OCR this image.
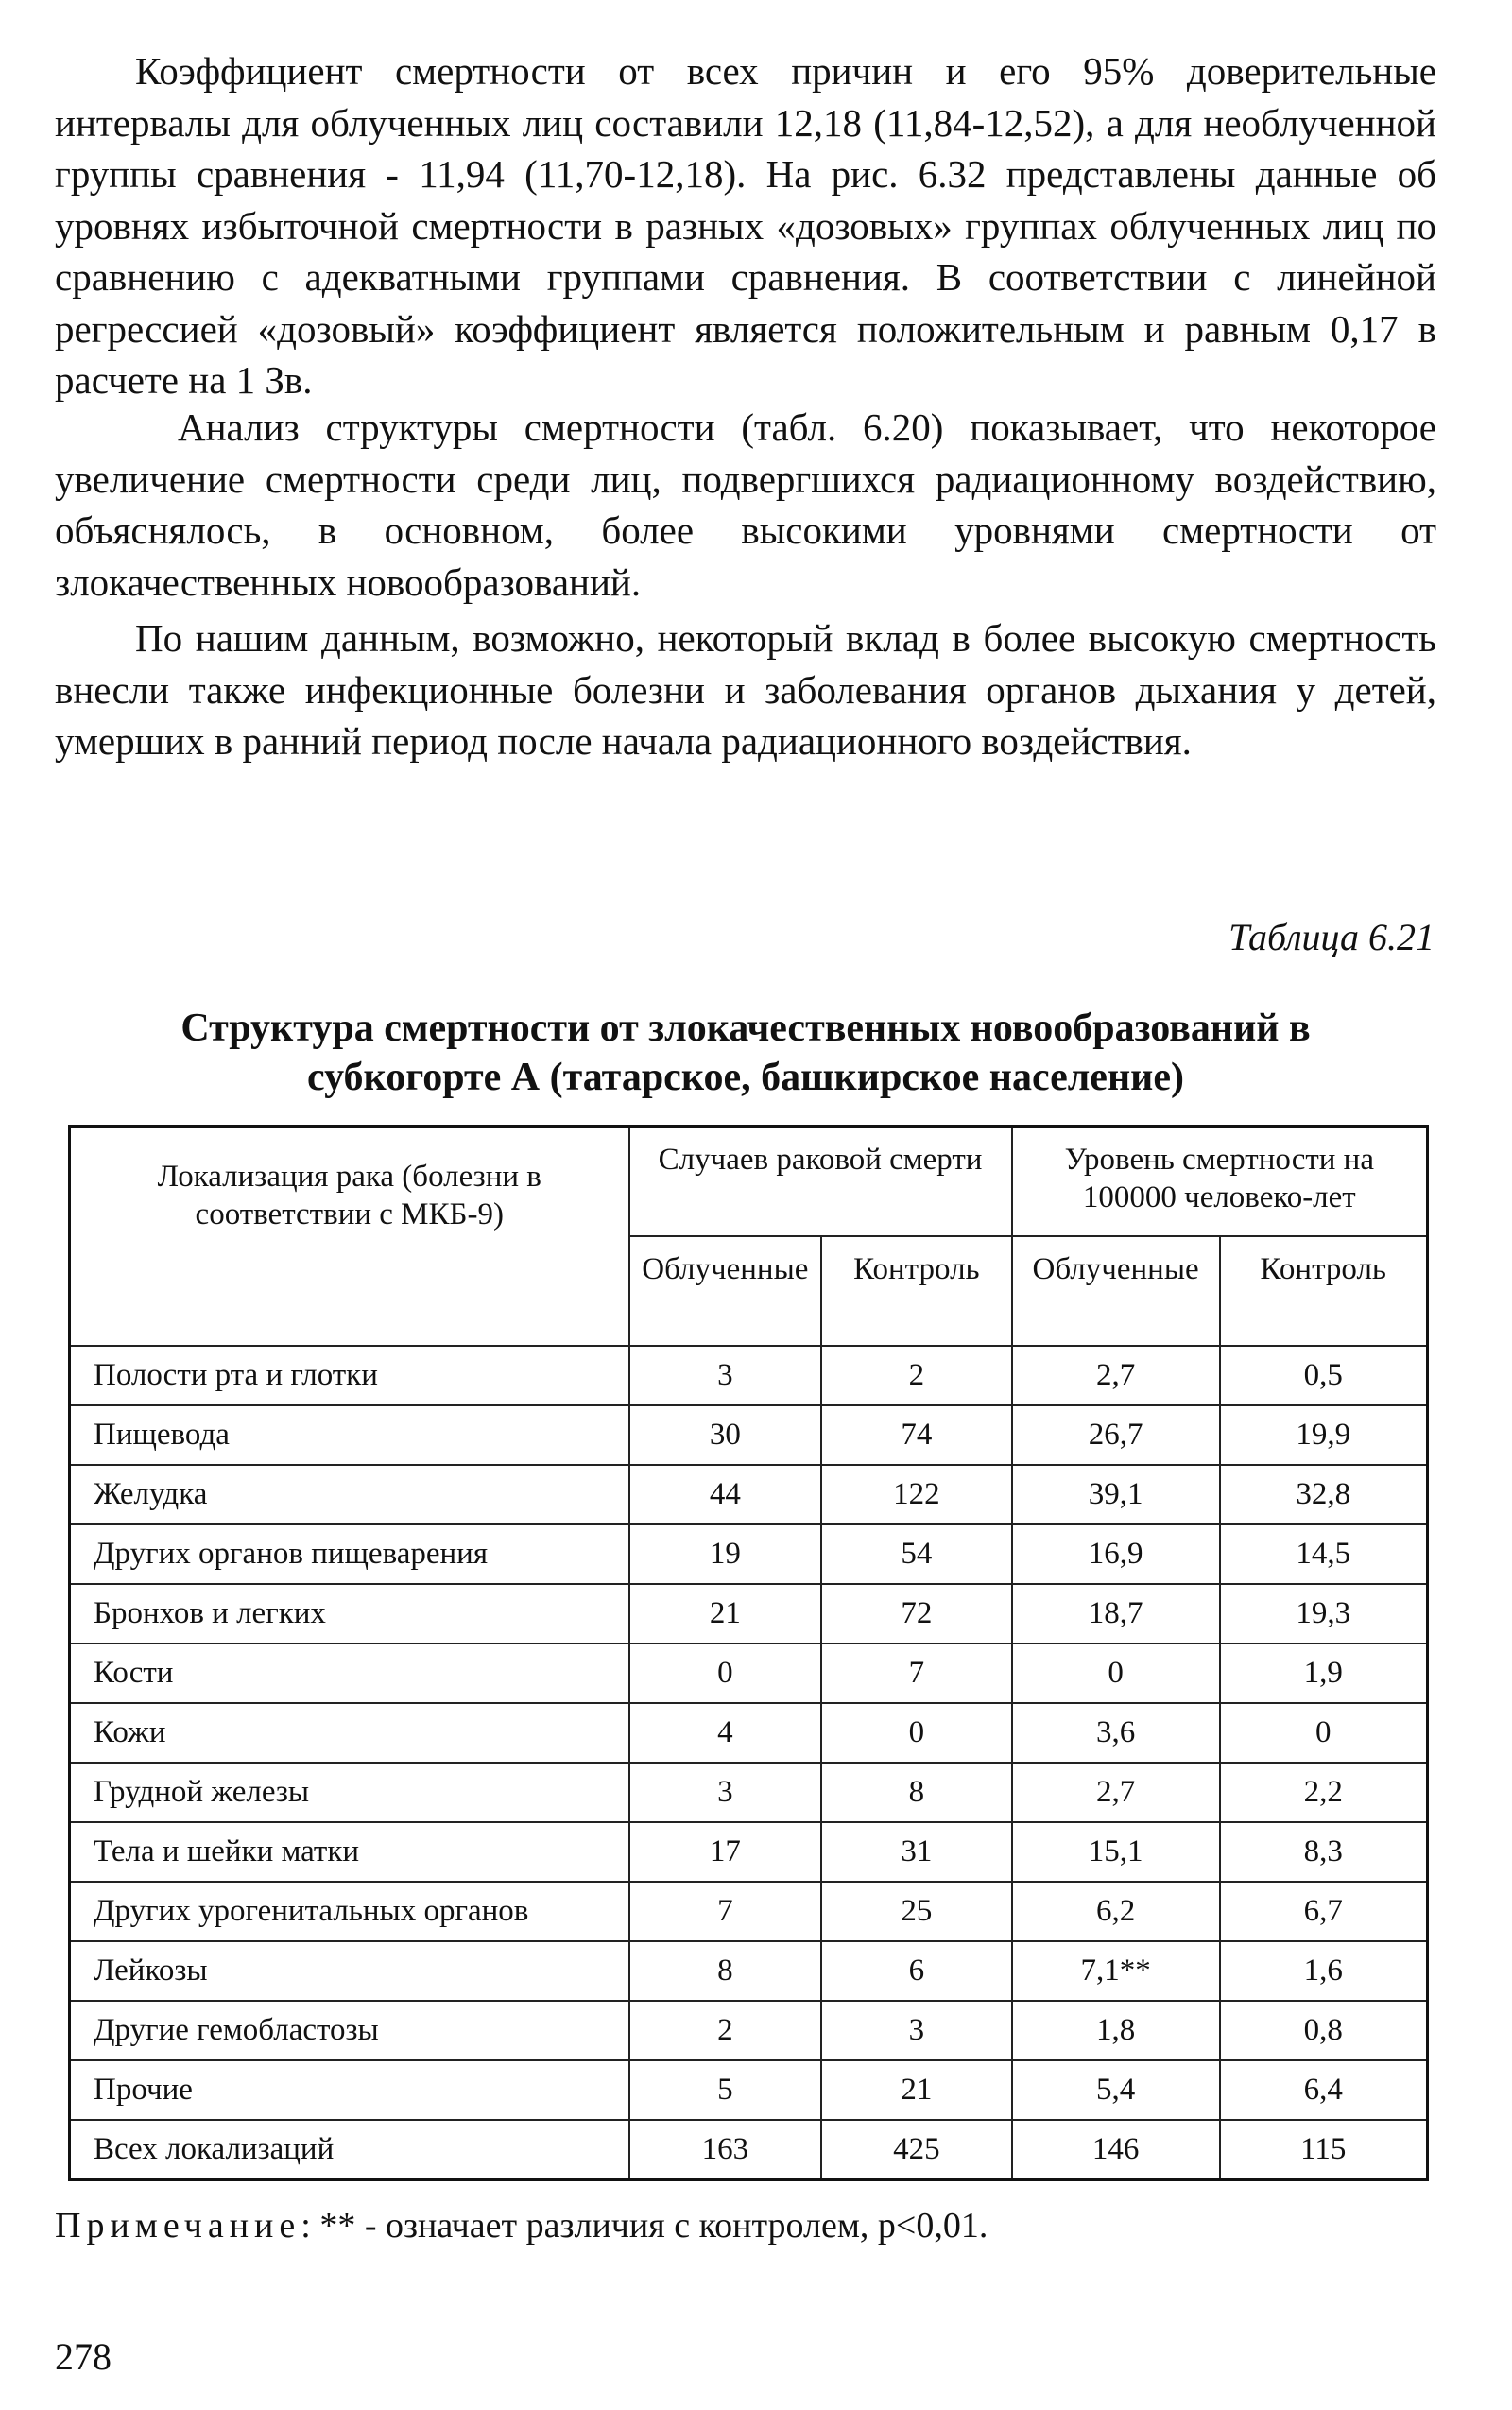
Коэффициент смертности от всех причин и его 95% доверительные интервалы для облученных лиц составили 12,18 (11,84-12,52), а для необлученной группы сравнения - 11,94 (11,70-12,18). На рис. 6.32 представлены данные об уровнях избыточной смертности в разных «дозовых» группах облученных лиц по сравнению с адекватными группами сравнения. В соответствии с линейной регрессией «дозовый» коэффициент является положительным и равным 0,17 в расчете на 1 Зв.

Анализ структуры смертности (табл. 6.20) показывает, что некоторое увеличение смертности среди лиц, подвергшихся радиационному воздействию, объяснялось, в основном, более высокими уровнями смертности от злокачественных новообразований.

По нашим данным, возможно, некоторый вклад в более высокую смертность внесли также инфекционные болезни и заболевания органов дыхания у детей, умерших в ранний период после начала радиационного воздействия.

Таблица 6.21

Структура смертности от злокачественных новообразований в
субкогорте А (татарское, башкирское население)
Локализация рака (болезни в соответствии с МКБ-9)	Случаев раковой смерти		Уровень смертности на 100000 человеко-лет	
	Облученные	Контроль	Облученные	Контроль
Полости рта и глотки	3	2	2,7	0,5
Пищевода	30	74	26,7	19,9
Желудка	44	122	39,1	32,8
Других органов пищеварения	19	54	16,9	14,5
Бронхов и легких	21	72	18,7	19,3
Кости	0	7	0	1,9
Кожи	4	0	3,6	0
Грудной железы	3	8	2,7	2,2
Тела и шейки матки	17	31	15,1	8,3
Других урогенитальных органов	7	25	6,2	6,7
Лейкозы	8	6	7,1**	1,6
Другие гемобластозы	2	3	1,8	0,8
Прочие	5	21	5,4	6,4
Всех локализаций	163	425	146	115

Примечание: ** - означает различия с контролем, р<0,01.

278
